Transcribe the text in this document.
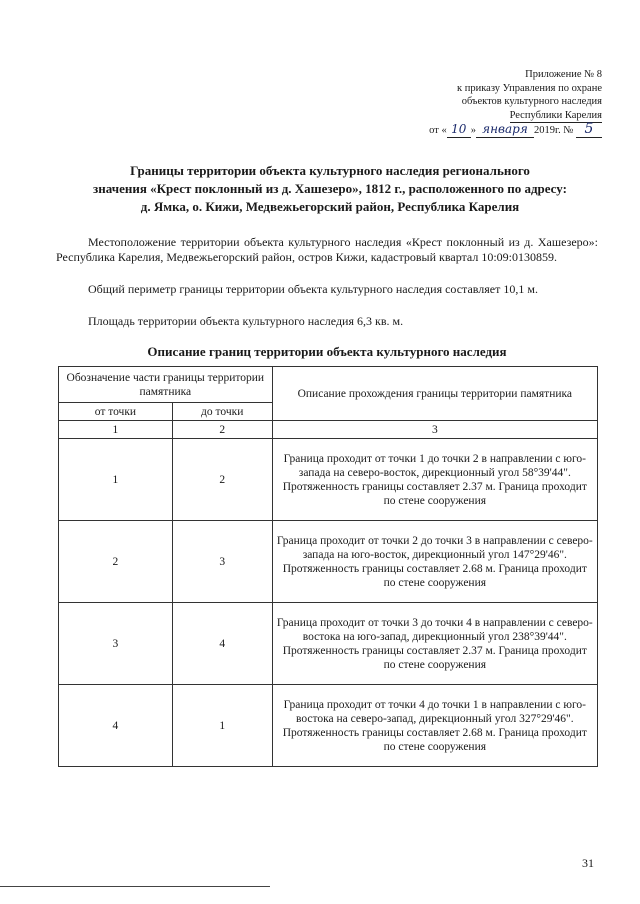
Приложение № 8
к приказу Управления по охране
объектов культурного наследия
Республики Карелия
от « 10 » января 2019г. № 5
Границы территории объекта культурного наследия регионального
значения «Крест поклонный из д. Хашезеро», 1812 г., расположенного по адресу:
д. Ямка, о. Кижи, Медвежьегорский район, Республика Карелия
Местоположение территории объекта культурного наследия «Крест поклонный из д. Хашезеро»: Республика Карелия, Медвежьегорский район, остров Кижи, кадастровый квартал 10:09:0130859.
Общий периметр границы территории объекта культурного наследия составляет 10,1 м.
Площадь территории объекта культурного наследия 6,3 кв. м.
Описание границ территории объекта культурного наследия
Обозначение части границы территории памятника		Описание прохождения границы территории памятника
от точки	до точки	
1	2	3
1	2	Граница проходит от точки 1 до точки 2 в направлении с юго-запада на северо-восток, дирекционный угол 58°39'44". Протяженность границы составляет 2.37 м. Граница проходит по стене сооружения
2	3	Граница проходит от точки 2 до точки 3 в направлении с северо-запада на юго-восток, дирекционный угол 147°29'46". Протяженность границы составляет 2.68 м. Граница проходит по стене сооружения
3	4	Граница проходит от точки 3 до точки 4 в направлении с северо-востока на юго-запад, дирекционный угол 238°39'44". Протяженность границы составляет 2.37 м. Граница проходит по стене сооружения
4	1	Граница проходит от точки 4 до точки 1 в направлении с юго-востока на северо-запад, дирекционный угол 327°29'46". Протяженность границы составляет 2.68 м. Граница проходит по стене сооружения
31
